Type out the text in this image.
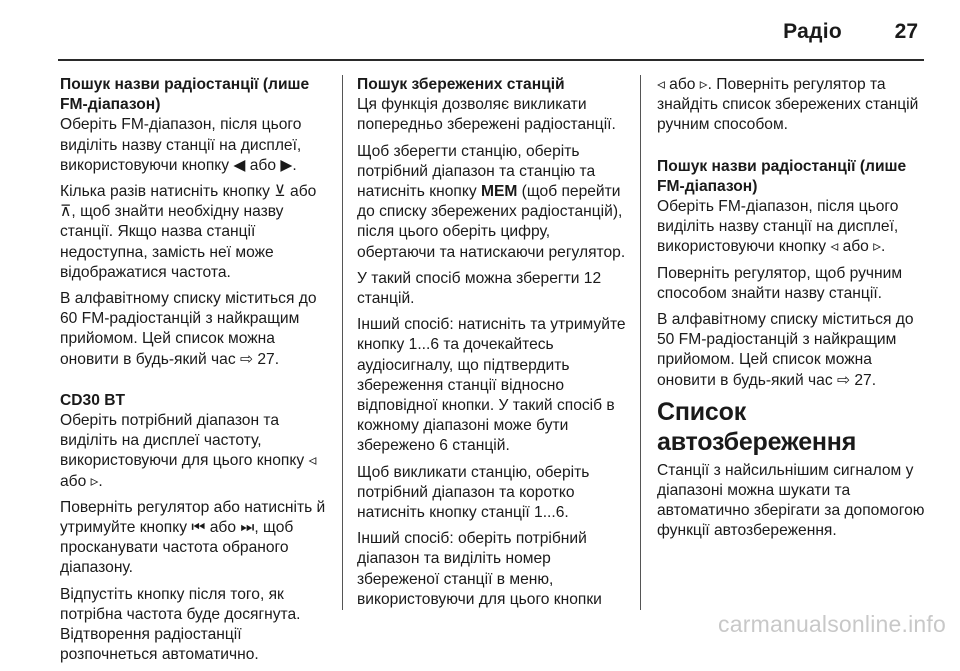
Радіо	27
Пошук назви радіостанції (лише FM-діапазон)

Оберіть FM-діапазон, після цього виділіть назву станції на дисплеї, використовуючи кнопку ◀ або ▶.

Кілька разів натисніть кнопку ⊻ або ⊼, щоб знайти необхідну назву станції. Якщо назва станції недоступна, замість неї може відображатися частота.

В алфавітному списку міститься до 60 FM-радіостанцій з найкращим прийомом. Цей список можна оновити в будь-який час ⇨ 27.

CD30 BT

Оберіть потрібний діапазон та виділіть на дисплеї частоту, використовуючи для цього кнопку ◃ або ▹.

Поверніть регулятор або натисніть й утримуйте кнопку ⏮ або ⏭, щоб просканувати частота обраного діапазону.

Відпустіть кнопку після того, як потрібна частота буде досягнута. Відтворення радіостанції розпочнеться автоматично.

Пошук збережених станцій

Ця функція дозволяє викликати попередньо збережені радіостанції.

Щоб зберегти станцію, оберіть потрібний діапазон та станцію та натисніть кнопку MEM (щоб перейти до списку збережених радіостанцій), після цього оберіть цифру, обертаючи та натискаючи регулятор.

У такий спосіб можна зберегти 12 станцій.

Інший спосіб: натисніть та утримуйте кнопку 1...6 та дочекайтесь аудіосигналу, що підтвердить збереження станції відносно відповідної кнопки. У такий спосіб в кожному діапазоні може бути збережено 6 станцій.

Щоб викликати станцію, оберіть потрібний діапазон та коротко натисніть кнопку станції 1...6.

Інший спосіб: оберіть потрібний діапазон та виділіть номер збереженої станції в меню, використовуючи для цього кнопки

◃ або ▹. Поверніть регулятор та знайдіть список збережених станцій ручним способом.

Пошук назви радіостанції (лише FM-діапазон)

Оберіть FM-діапазон, після цього виділіть назву станції на дисплеї, використовуючи кнопку ◃ або ▹.

Поверніть регулятор, щоб ручним способом знайти назву станції.

В алфавітному списку міститься до 50 FM-радіостанцій з найкращим прийомом. Цей список можна оновити в будь-який час ⇨ 27.

Список автозбереження

Станції з найсильнішим сигналом у діапазоні можна шукати та автоматично зберігати за допомогою функції автозбереження.

carmanualsonline.info
